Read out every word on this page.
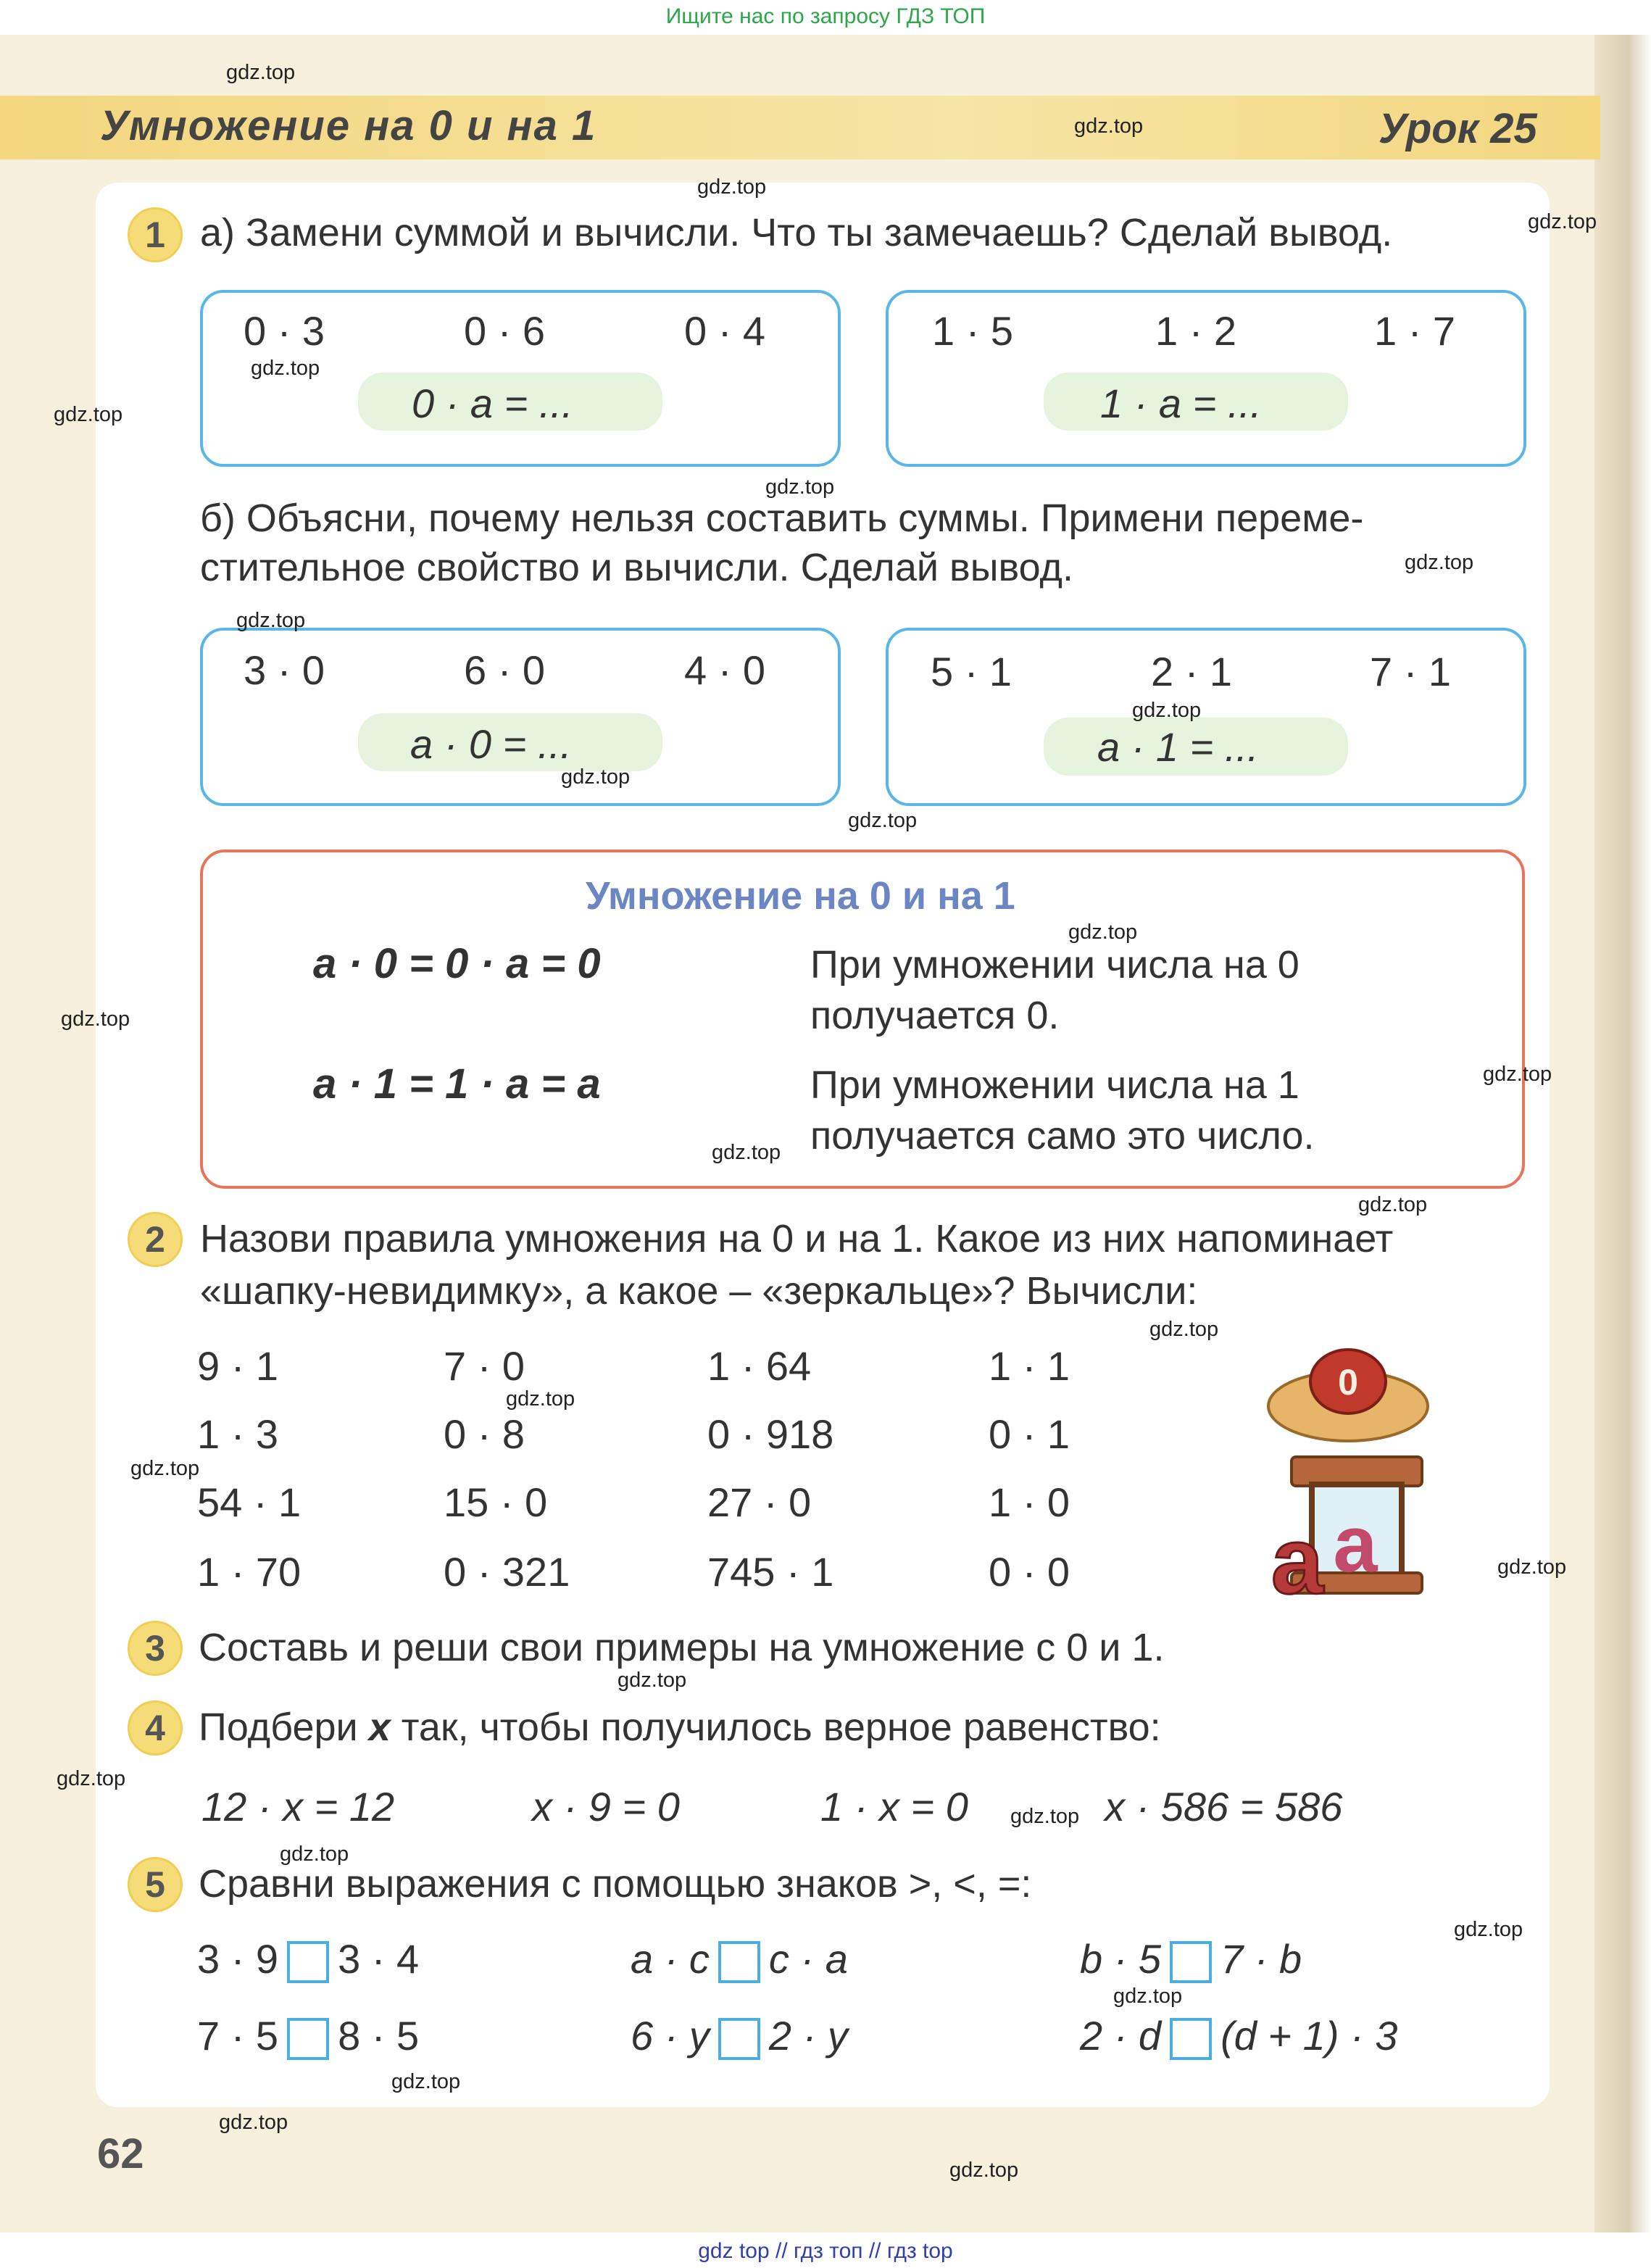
Ищите нас по запросу ГДЗ ТОП
Умножение на 0 и на 1	Урок 25
1 а) Замени суммой и вычисли. Что ты замечаешь? Сделай вывод.
0 · 3	0 · 6	0 · 4
0 · a = ...
1 · 5	1 · 2	1 · 7
1 · a = ...
б) Объясни, почему нельзя составить суммы. Примени переме-
стительное свойство и вычисли. Сделай вывод.
3 · 0	6 · 0	4 · 0
a · 0 = ...
5 · 1	2 · 1	7 · 1
a · 1 = ...
Умножение на 0 и на 1
a · 0 = 0 · a = 0	При умножении числа на 0
получается 0.
a · 1 = 1 · a = a	При умножении числа на 1
получается само это число.
2 Назови правила умножения на 0 и на 1. Какое из них напоминает
«шапку-невидимку», а какое – «зеркальце»? Вычисли:
9 · 1	7 · 0	1 · 64	1 · 1
1 · 3	0 · 8	0 · 918	0 · 1
54 · 1	15 · 0	27 · 0	1 · 0
1 · 70	0 · 321	745 · 1	0 · 0
0
a
a
3 Составь и реши свои примеры на умножение с 0 и 1.
4 Подбери x так, чтобы получилось верное равенство:
12 · x = 12	x · 9 = 0	1 · x = 0	x · 586 = 586
5 Сравни выражения с помощью знаков >, <, =:
3 · 9 3 · 4	a · c c · a	b · 5 7 · b
7 · 5 8 · 5	6 · y 2 · y	2 · d (d + 1) · 3
62
gdz.top
gdz.top
gdz.top
gdz.top
gdz.top
gdz.top
gdz.top
gdz.top
gdz.top
gdz.top
gdz.top
gdz.top
gdz.top
gdz.top
gdz.top
gdz.top
gdz.top
gdz.top
gdz.top
gdz.top
gdz.top
gdz.top
gdz.top
gdz.top
gdz.top
gdz.top
gdz.top
gdz.top
gdz.top
gdz.top
gdz top // гдз топ // гдз top
